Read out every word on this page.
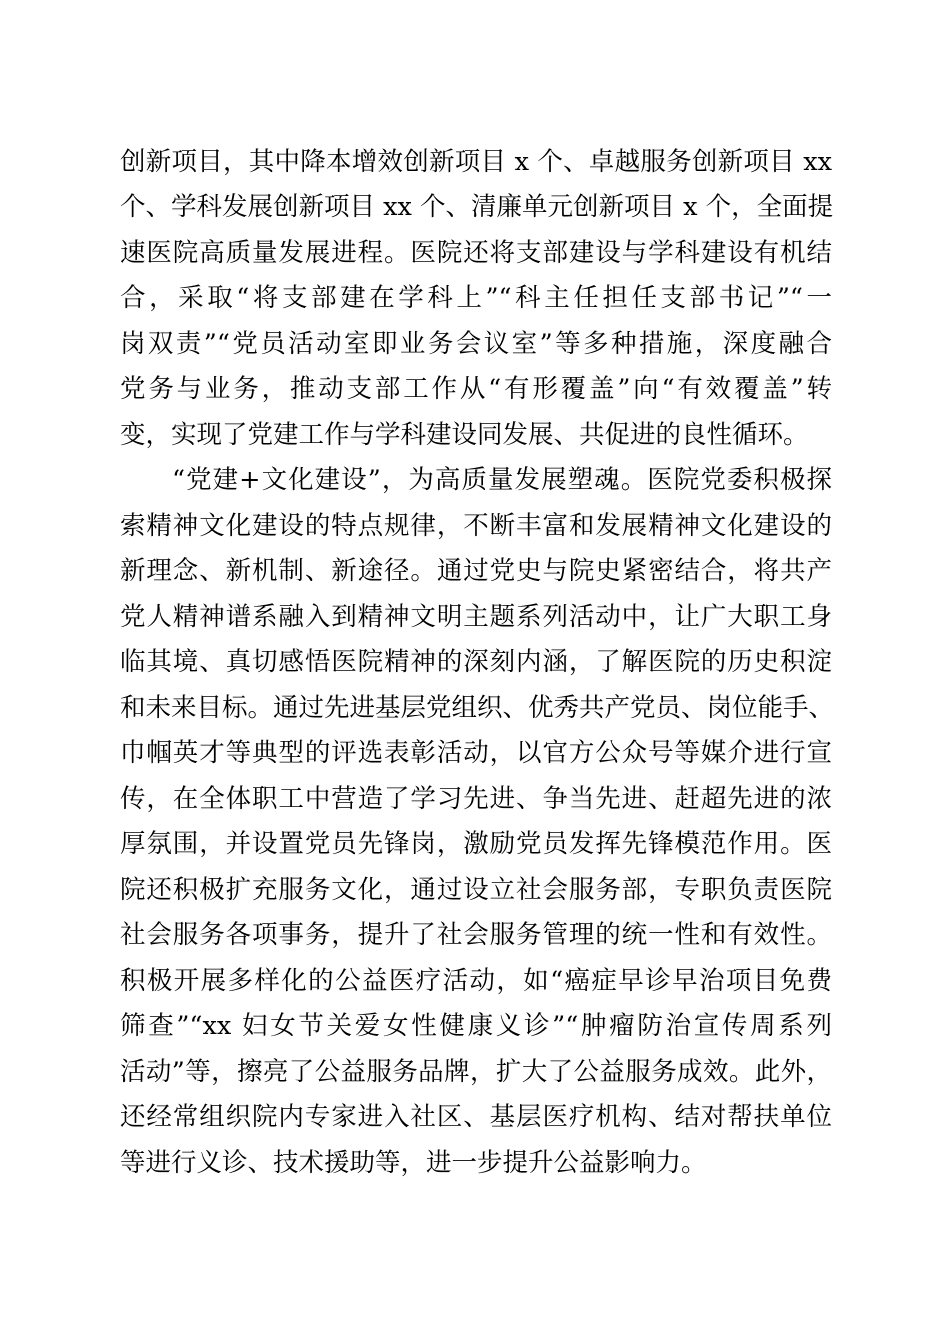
创新项目，其中降本增效创新项目 x 个、卓越服务创新项目 xx
个、学科发展创新项目 xx 个、清廉单元创新项目 x 个，全面提
速医院高质量发展进程。医院还将支部建设与学科建设有机结
合，采取“将支部建在学科上”“科主任担任支部书记”“一
岗双责”“党员活动室即业务会议室”等多种措施，深度融合
党务与业务，推动支部工作从“有形覆盖”向“有效覆盖”转
变，实现了党建工作与学科建设同发展、共促进的良性循环。
“党建+文化建设”，为高质量发展塑魂。医院党委积极探
索精神文化建设的特点规律，不断丰富和发展精神文化建设的
新理念、新机制、新途径。通过党史与院史紧密结合，将共产
党人精神谱系融入到精神文明主题系列活动中，让广大职工身
临其境、真切感悟医院精神的深刻内涵，了解医院的历史积淀
和未来目标。通过先进基层党组织、优秀共产党员、岗位能手、
巾帼英才等典型的评选表彰活动，以官方公众号等媒介进行宣
传，在全体职工中营造了学习先进、争当先进、赶超先进的浓
厚氛围，并设置党员先锋岗，激励党员发挥先锋模范作用。医
院还积极扩充服务文化，通过设立社会服务部，专职负责医院
社会服务各项事务，提升了社会服务管理的统一性和有效性。
积极开展多样化的公益医疗活动，如“癌症早诊早治项目免费
筛查”“xx 妇女节关爱女性健康义诊”“肿瘤防治宣传周系列
活动”等，擦亮了公益服务品牌，扩大了公益服务成效。此外，
还经常组织院内专家进入社区、基层医疗机构、结对帮扶单位
等进行义诊、技术援助等，进一步提升公益影响力。
